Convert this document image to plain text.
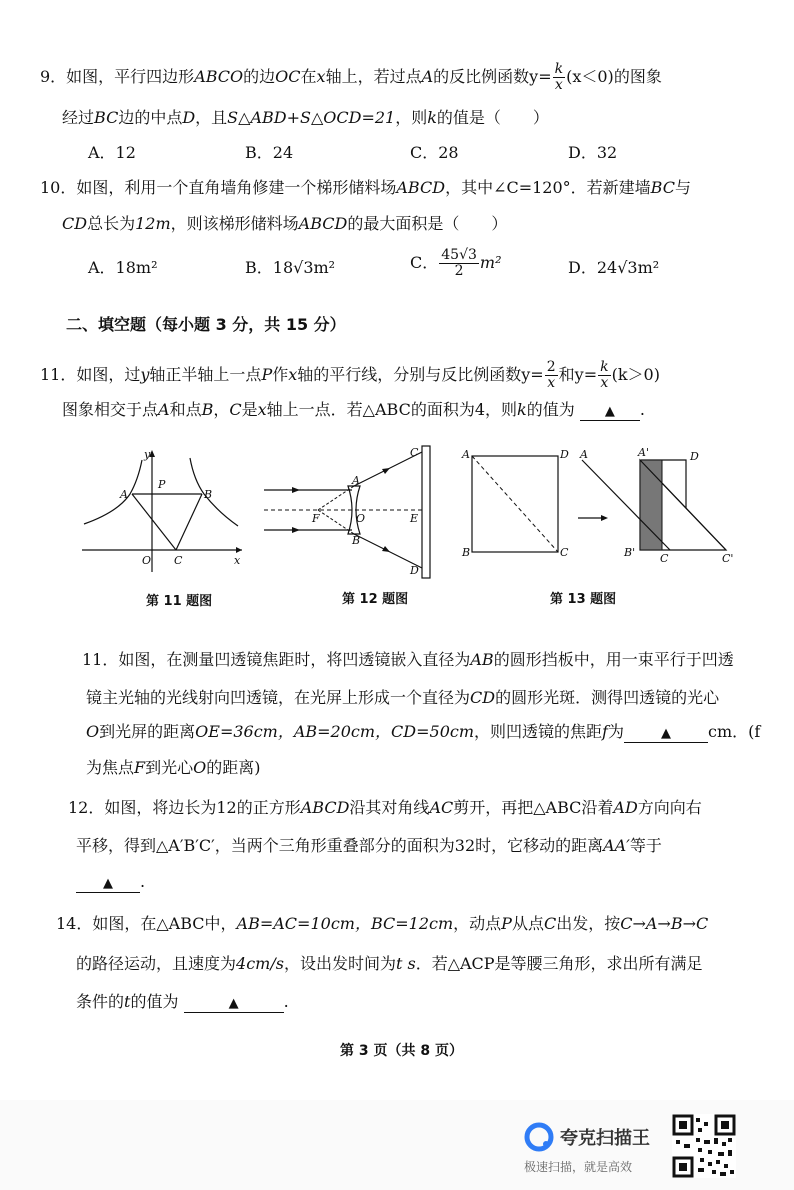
9．如图，平行四边形ABCO的边OC在x轴上，若过点A的反比例函数$y= \frac{k}{x} (x<0)$的图象
经过BC边的中点D，且S△ABD+S△OCD=21，则k的值是（　　）
A．12	B．24	C．28	D．32
10．如图，利用一个直角墙角修建一个梯形储料场ABCD，其中∠C=120°．若新建墙BC与
CD总长为12m，则该梯形储料场ABCD的最大面积是（　　）
A．18m²	B．18√3m²	C． $\frac{45√3}{2} m^2$	D．24√3m²
二、填空题（每小题 3 分，共 15 分）
11．如图，过y轴正半轴上一点P作x轴的平行线，分别与反比例函数$y= \frac{2}{x}$ 和$y= \frac{k}{x} (k>0)$
图象相交于点A和点B，C是x轴上一点．若△ABC的面积为4，则k的值为 ▲ .
y
A
P
B
O C	x
第 11 题图
C
A
F	O	E
B
D
第 12 题图
A	D
B	C
A	A'	D
B' C	C'
第 13 题图
11．如图，在测量凹透镜焦距时，将凹透镜嵌入直径为AB的圆形挡板中，用一束平行于凹透
镜主光轴的光线射向凹透镜，在光屏上形成一个直径为CD的圆形光斑．测得凹透镜的光心
O到光屏的距离OE=36cm，AB=20cm，CD=50cm，则凹透镜的焦距f为	▲ cm．(f
为焦点F到光心O的距离)
12．如图，将边长为12的正方形ABCD沿其对角线AC剪开，再把△ABC沿着AD方向向右
平移，得到△A′B′C′，当两个三角形重叠部分的面积为32时，它移动的距离AA′等于
▲ .
14．如图，在△ABC中，AB=AC=10cm，BC=12cm，动点P从点C出发，按C→A→B→C
的路径运动，且速度为4cm/s，设出发时间为t s．若△ACP是等腰三角形，求出所有满足
条件的t的值为	▲	.
第 3 页（共 8 页）
夸克扫描王
极速扫描，就是高效
